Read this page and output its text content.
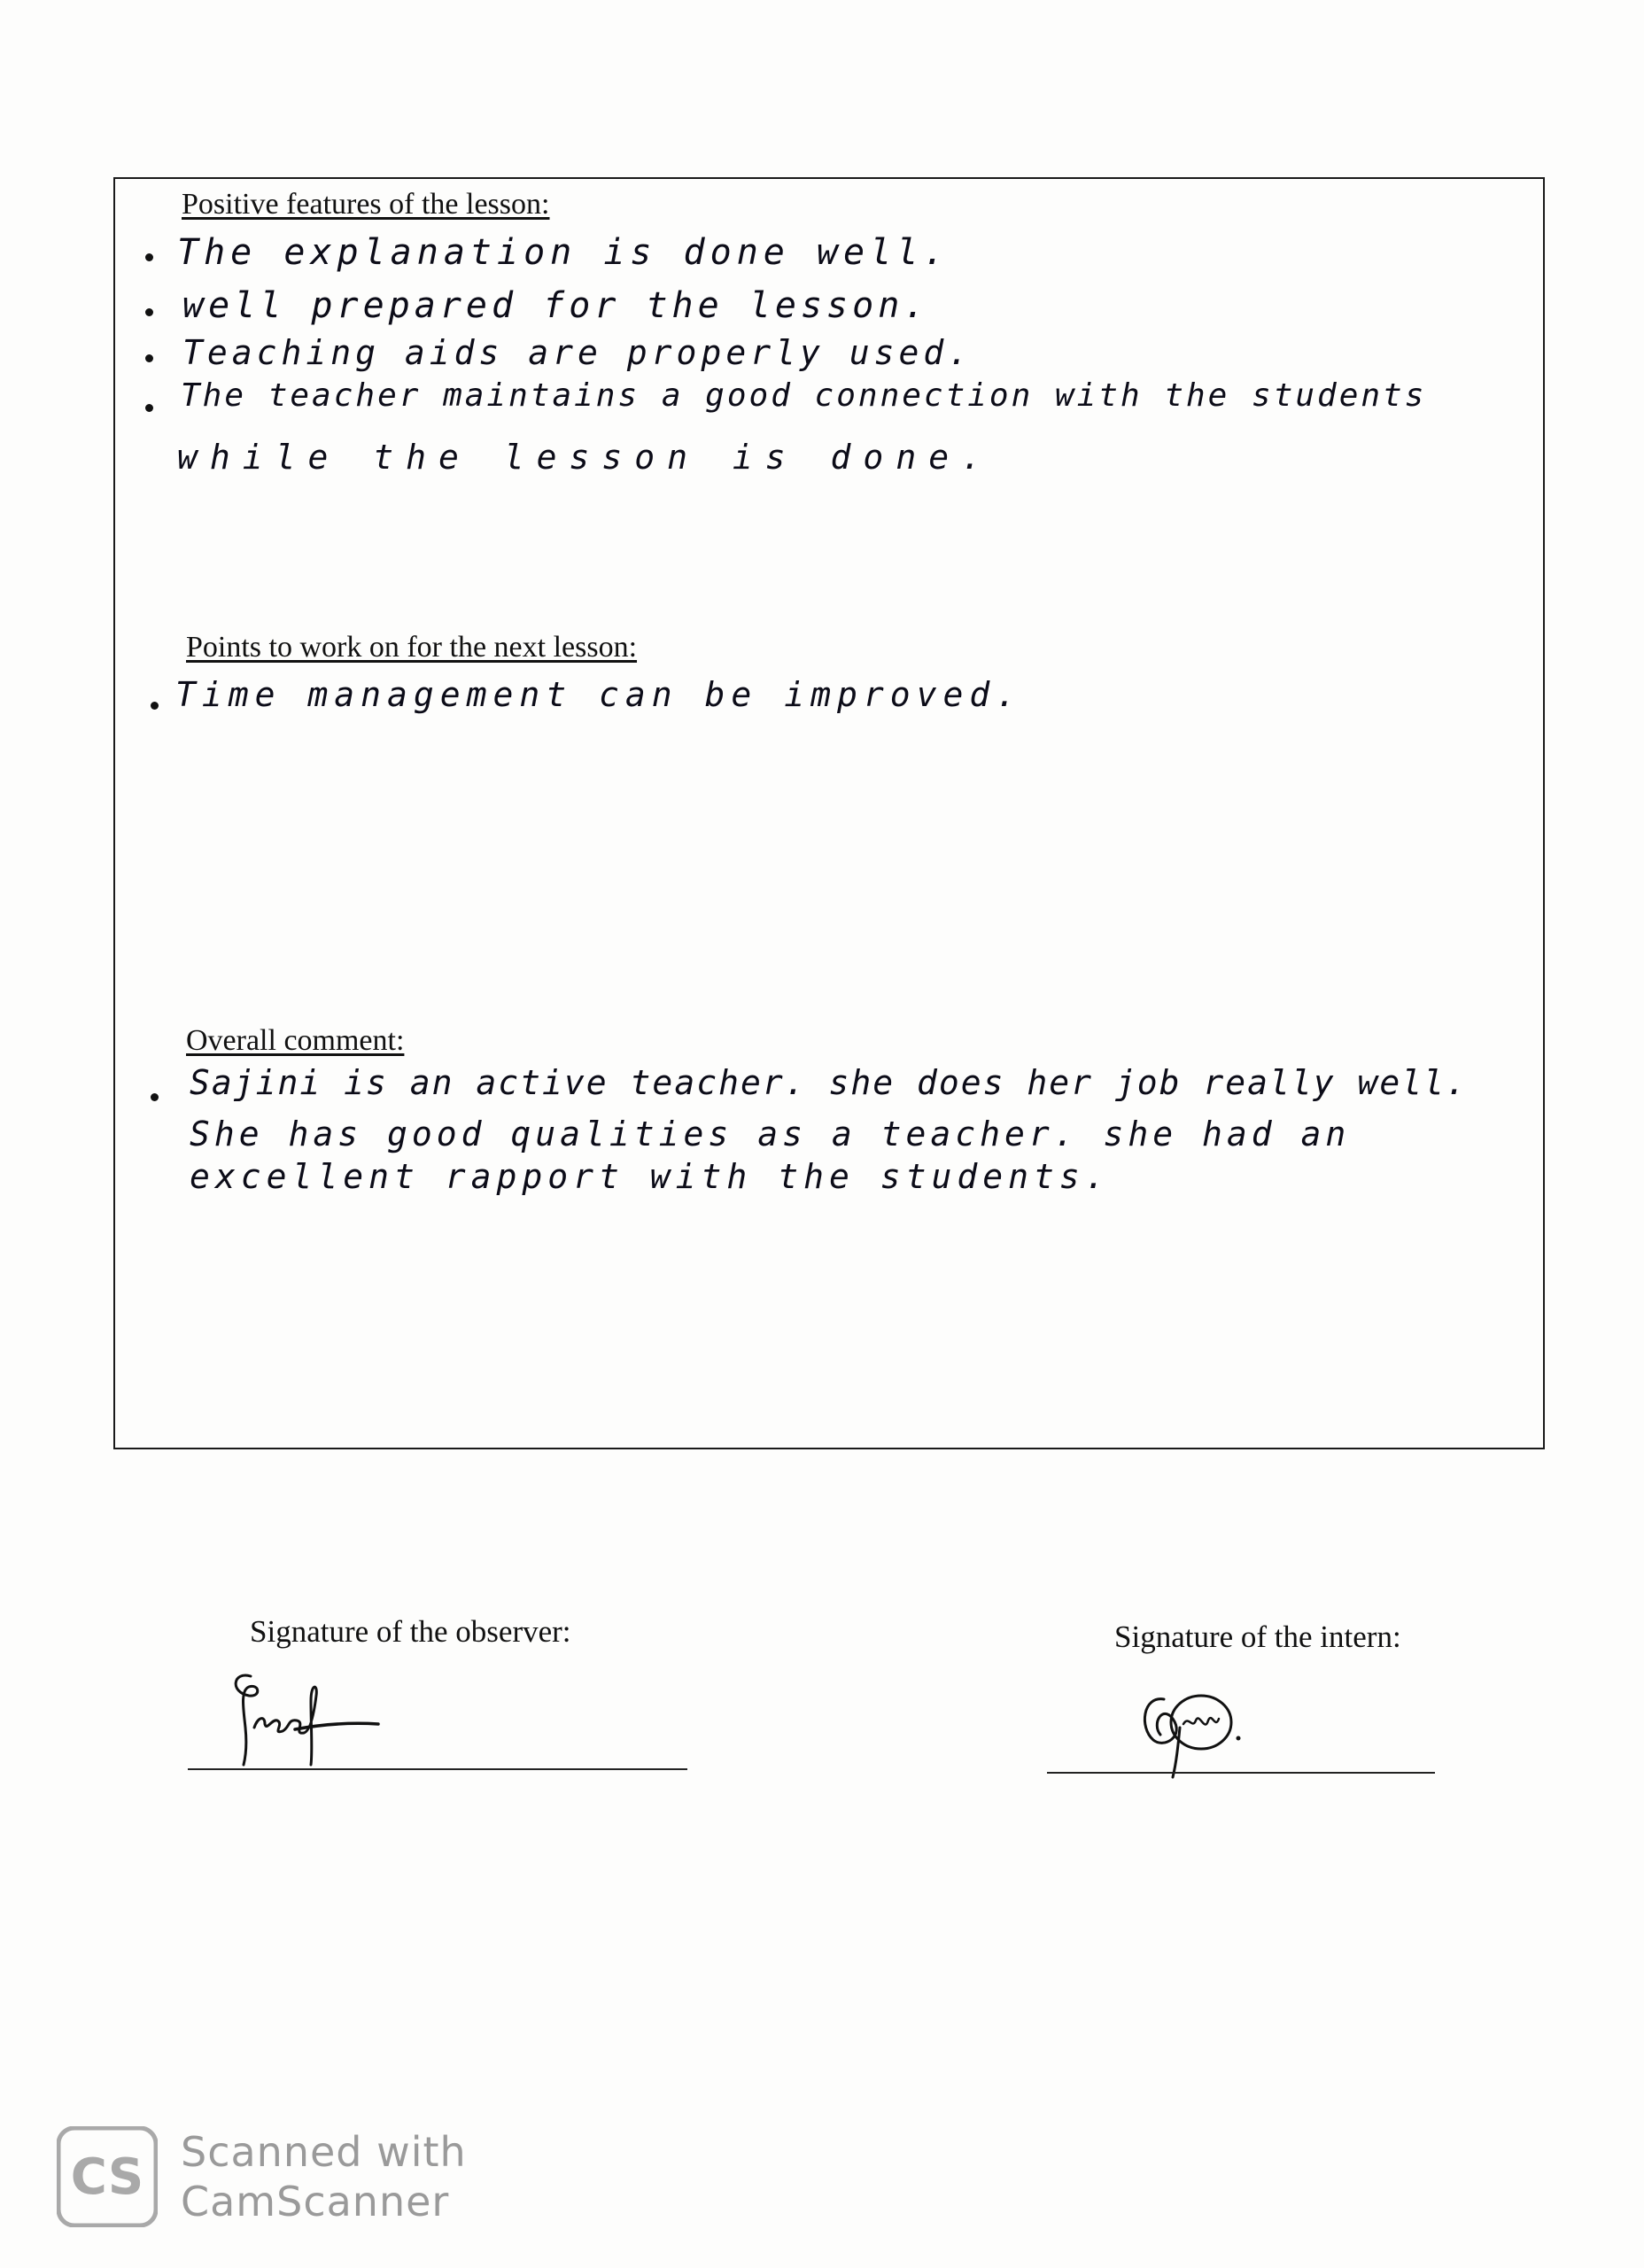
Positive features of the lesson:
The explanation is done well.
well prepared for the lesson.
Teaching aids are properly used.
The teacher maintains a good connection with the students
while the lesson is done.
Points to work on for the next lesson:
Time management can be improved.
Overall comment:
Sajini is an active teacher. she does her job really well.
She has good qualities as a teacher. she had an
excellent rapport with the students.
Signature of the observer:	Signature of the intern:
CS Scanned with
CamScanner
